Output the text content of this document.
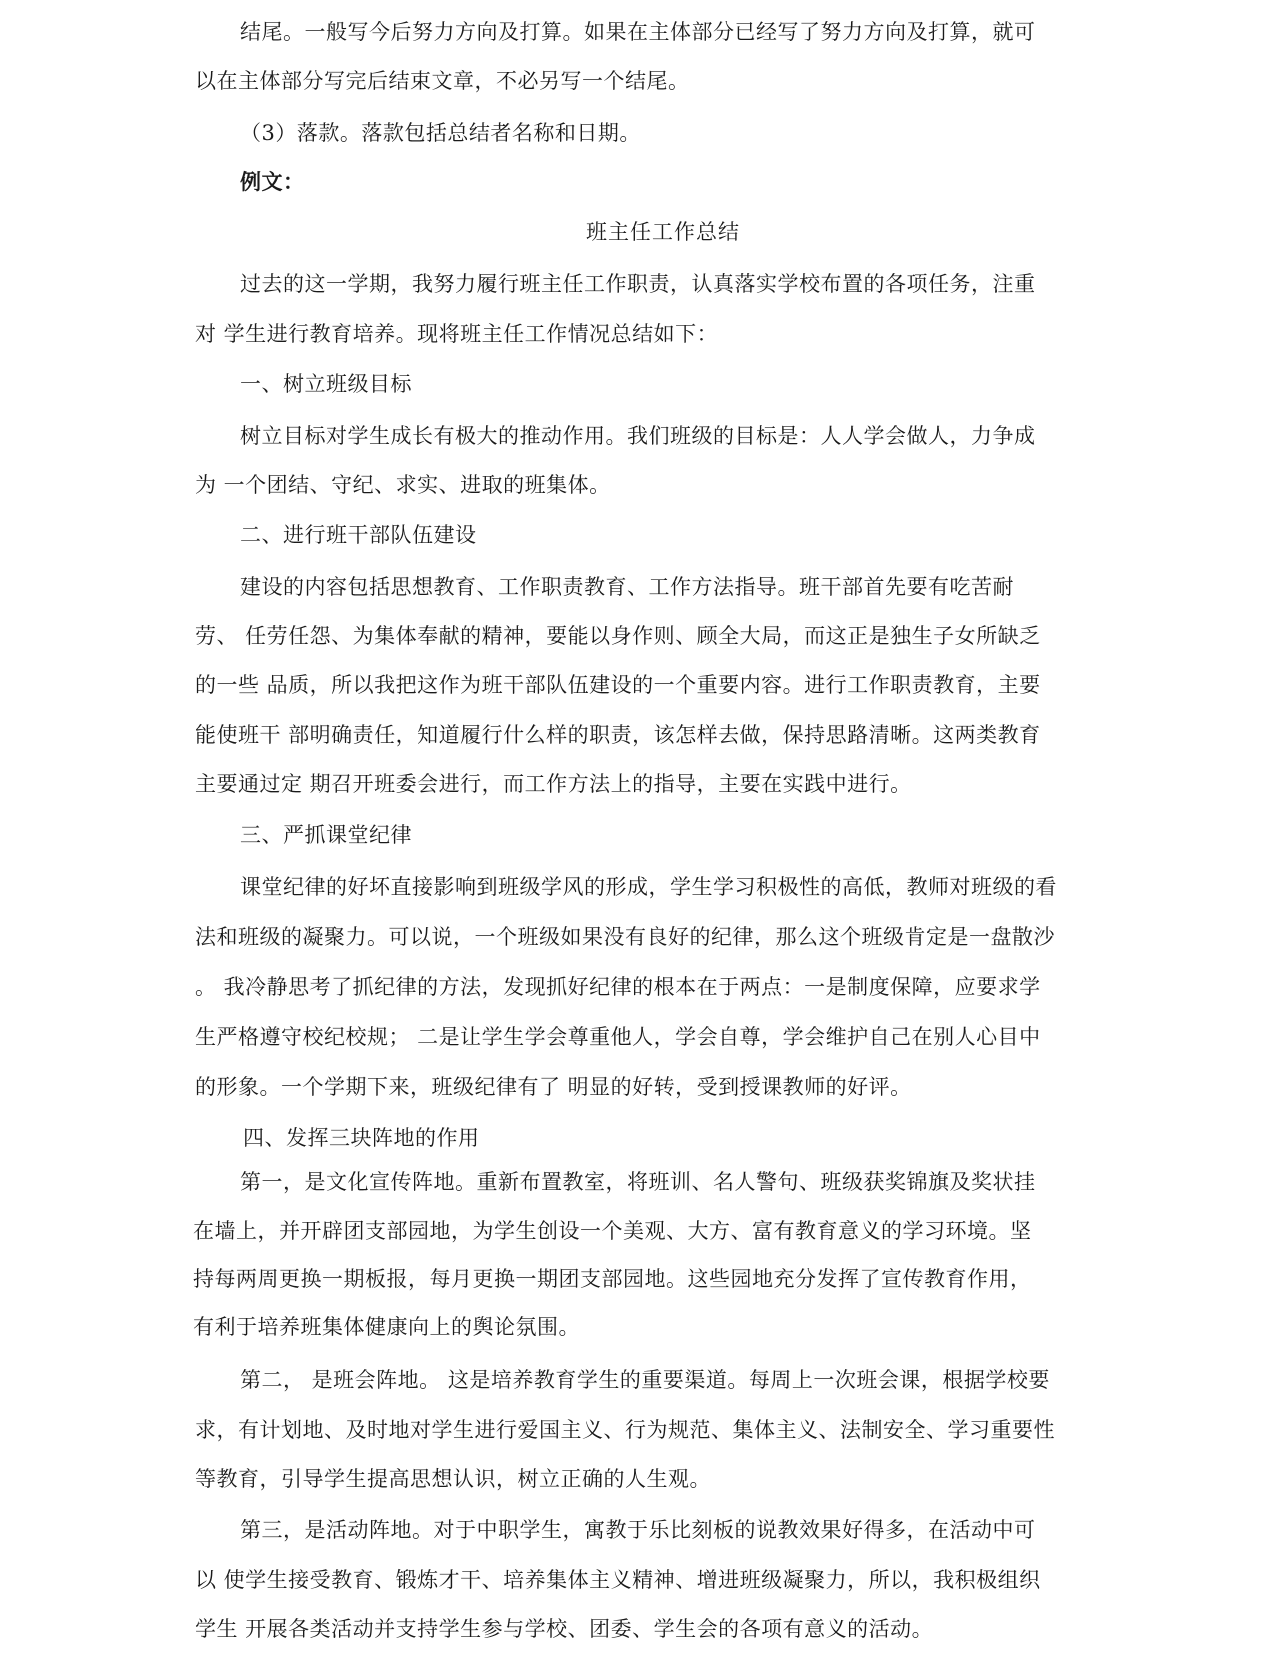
结尾。一般写今后努力方向及打算。如果在主体部分已经写了努力方向及打算，就可

以在主体部分写完后结束文章，不必另写一个结尾。

（3）落款。落款包括总结者名称和日期。

例文：

班主任工作总结

过去的这一学期，我努力履行班主任工作职责，认真落实学校布置的各项任务，注重

对 学生进行教育培养。现将班主任工作情况总结如下：

一、树立班级目标

树立目标对学生成长有极大的推动作用。我们班级的目标是：人人学会做人，力争成

为 一个团结、守纪、求实、进取的班集体。

二、进行班干部队伍建设

建设的内容包括思想教育、工作职责教育、工作方法指导。班干部首先要有吃苦耐

劳、 任劳任怨、为集体奉献的精神，要能以身作则、顾全大局，而这正是独生子女所缺乏

的一些 品质，所以我把这作为班干部队伍建设的一个重要内容。进行工作职责教育，主要

能使班干 部明确责任，知道履行什么样的职责，该怎样去做，保持思路清晰。这两类教育

主要通过定 期召开班委会进行，而工作方法上的指导，主要在实践中进行。

三、严抓课堂纪律

课堂纪律的好坏直接影响到班级学风的形成，学生学习积极性的高低，教师对班级的看

法和班级的凝聚力。可以说，一个班级如果没有良好的纪律，那么这个班级肯定是一盘散沙

。 我冷静思考了抓纪律的方法，发现抓好纪律的根本在于两点：一是制度保障，应要求学

生严格遵守校纪校规； 二是让学生学会尊重他人，学会自尊，学会维护自己在别人心目中

的形象。一个学期下来，班级纪律有了 明显的好转，受到授课教师的好评。

四、发挥三块阵地的作用

第一，是文化宣传阵地。重新布置教室，将班训、名人警句、班级获奖锦旗及奖状挂

在墙上，并开辟团支部园地，为学生创设一个美观、大方、富有教育意义的学习环境。坚

持每两周更换一期板报，每月更换一期团支部园地。这些园地充分发挥了宣传教育作用，

有利于培养班集体健康向上的舆论氛围。

第二， 是班会阵地。 这是培养教育学生的重要渠道。每周上一次班会课，根据学校要

求，有计划地、及时地对学生进行爱国主义、行为规范、集体主义、法制安全、学习重要性

等教育，引导学生提高思想认识，树立正确的人生观。

第三，是活动阵地。对于中职学生，寓教于乐比刻板的说教效果好得多，在活动中可

以 使学生接受教育、锻炼才干、培养集体主义精神、增进班级凝聚力，所以，我积极组织

学生 开展各类活动并支持学生参与学校、团委、学生会的各项有意义的活动。
